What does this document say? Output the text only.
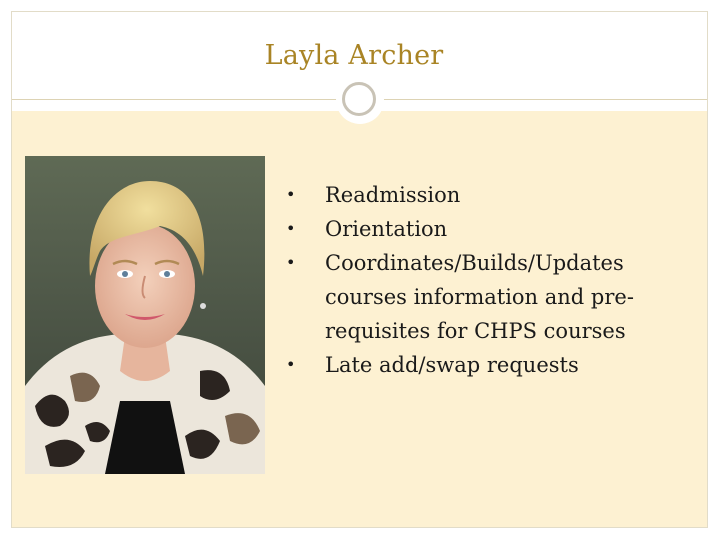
Layla Archer
• Readmission
• Orientation
• Coordinates/Builds/Updates courses information and pre-requisites for CHPS courses
• Late add/swap requests
